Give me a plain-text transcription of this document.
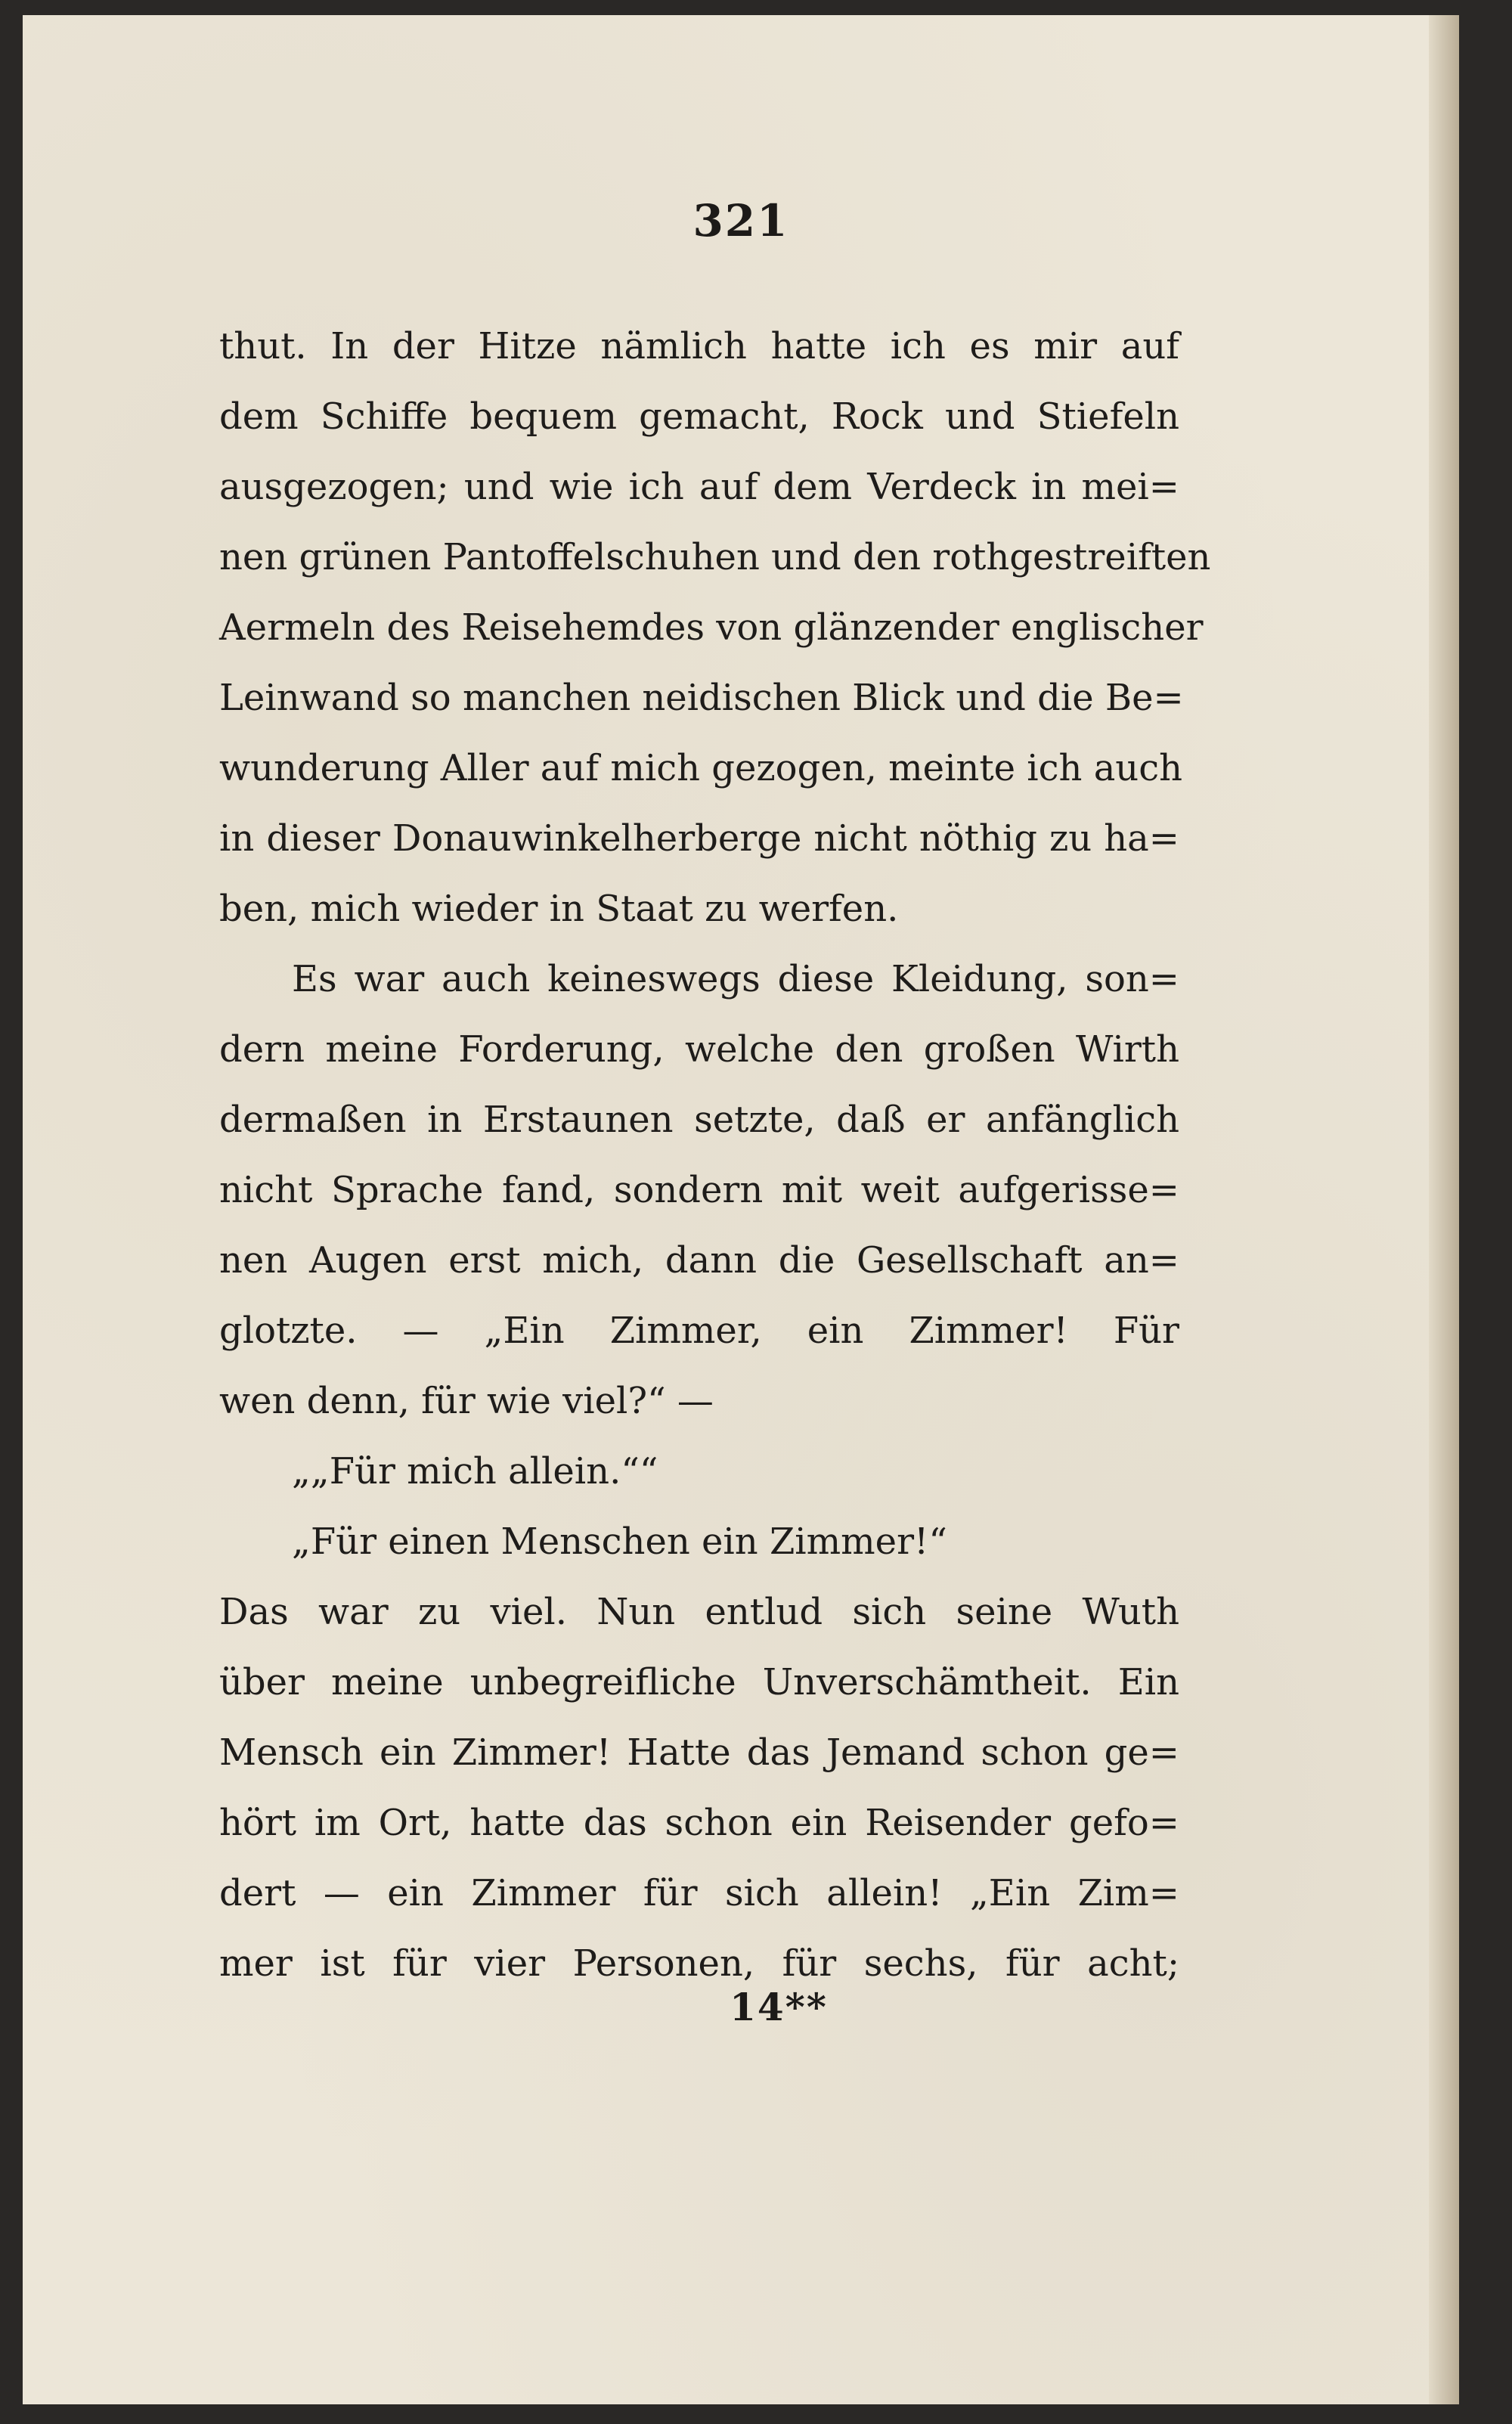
321
thut. In der Hitze nämlich hatte ich es mir auf
dem Schiffe bequem gemacht, Rock und Stiefeln
ausgezogen; und wie ich auf dem Verdeck in mei=
nen grünen Pantoffelschuhen und den rothgestreiften
Aermeln des Reisehemdes von glänzender englischer
Leinwand so manchen neidischen Blick und die Be=
wunderung Aller auf mich gezogen, meinte ich auch
in dieser Donauwinkelherberge nicht nöthig zu ha=
ben, mich wieder in Staat zu werfen.
Es war auch keineswegs diese Kleidung, son=
dern meine Forderung, welche den großen Wirth
dermaßen in Erstaunen setzte, daß er anfänglich
nicht Sprache fand, sondern mit weit aufgerisse=
nen Augen erst mich, dann die Gesellschaft an=
glotzte. — „Ein Zimmer, ein Zimmer! Für
wen denn, für wie viel?“ —
„„Für mich allein.““
„Für einen Menschen ein Zimmer!“
Das war zu viel. Nun entlud sich seine Wuth
über meine unbegreifliche Unverschämtheit. Ein
Mensch ein Zimmer! Hatte das Jemand schon ge=
hört im Ort, hatte das schon ein Reisender gefo=
dert — ein Zimmer für sich allein! „Ein Zim=
mer ist für vier Personen, für sechs, für acht;
14**
